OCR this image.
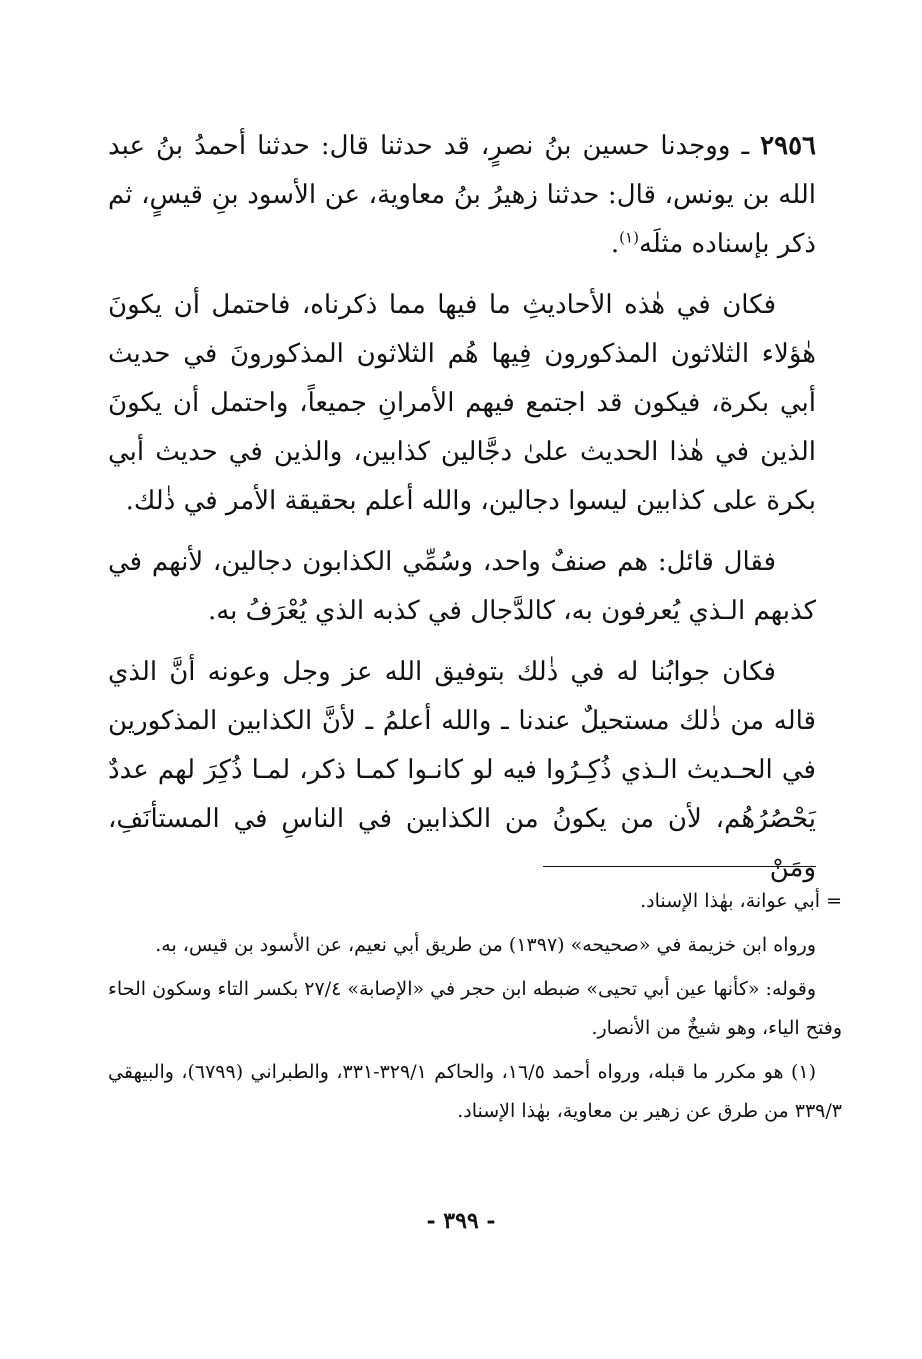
٢٩٥٦ ـ ووجدنا حسين بنُ نصرٍ، قد حدثنا قال: حدثنا أحمدُ بنُ عبد الله بن يونس، قال: حدثنا زهيرُ بنُ معاوية، عن الأسود بنِ قيسٍ، ثم ذكر بإسناده مثلَه$^{(١)}$.

فكان في هٰذه الأحاديثِ ما فيها مما ذكرناه، فاحتمل أن يكونَ هٰؤلاء الثلاثون المذكورون فِيها هُم الثلاثون المذكورونَ في حديث أبي بكرة، فيكون قد اجتمع فيهم الأمرانِ جميعاً، واحتمل أن يكونَ الذين في هٰذا الحديث علىٰ دجَّالين كذابين، والذين في حديث أبي بكرة على كذابين ليسوا دجالين، والله أعلم بحقيقة الأمر في ذٰلك.

فقال قائل: هم صنفٌ واحد، وسُمِّي الكذابون دجالين، لأنهم في كذبهم الـذي يُعرفون به، كالدَّجال في كذبه الذي يُعْرَفُ به.

فكان جوابُنا له في ذٰلك بتوفيق الله عز وجل وعونه أنَّ الذي قاله من ذٰلك مستحيلٌ عندنا ـ والله أعلمُ ـ لأنَّ الكذابين المذكورين في الحـديث الـذي ذُكِـرُوا فيه لو كانـوا كمـا ذكر، لمـا ذُكِرَ لهم عددٌ يَحْصُرُهُم، لأن من يكونُ من الكذابين في الناسِ في المستأنَفِ، ومَنْ

= أبي عوانة، بهٰذا الإسناد.

ورواه ابن خزيمة في «صحيحه» (١٣٩٧) من طريق أبي نعيم، عن الأسود بن قيس، به.

وقوله: «كأنها عين أبي تحيى» ضبطه ابن حجر في «الإصابة» ٢٧/٤ بكسر التاء وسكون الحاء وفتح الياء، وهو شيخٌ من الأنصار.

(١) هو مكرر ما قبله، ورواه أحمد ١٦/٥، والحاكم ٣٢٩/١-٣٣١، والطبراني (٦٧٩٩)، والبيهقي ٣٣٩/٣ من طرق عن زهير بن معاوية، بهٰذا الإسناد.

- ٣٩٩ -
